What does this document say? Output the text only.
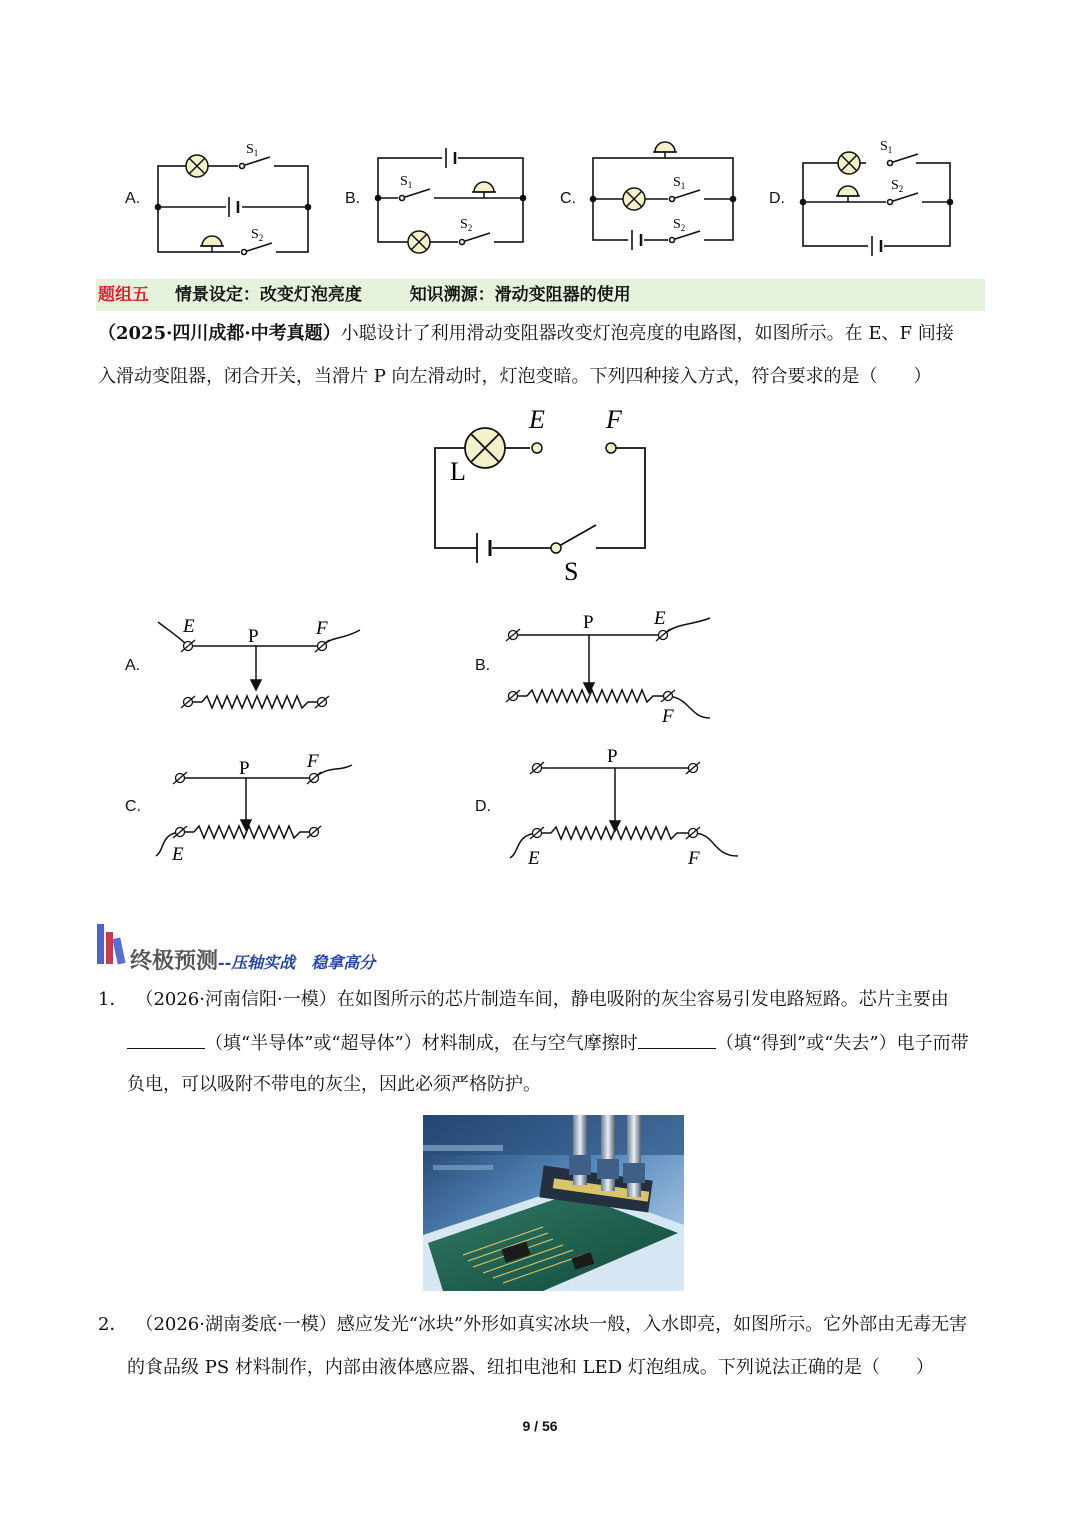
A.	B.	C.	D.
$S_1$
$S_2$
$S_1$
$S_2$
$S_1$
$S_2$
$S_1$
$S_2$
题组五 情景设定：改变灯泡亮度	知识溯源：滑动变阻器的使用
（2025·四川成都·中考真题）小聪设计了利用滑动变阻器改变灯泡亮度的电路图，如图所示。在 E、F 间接
入滑动变阻器，闭合开关，当滑片 P 向左滑动时，灯泡变暗。下列四种接入方式，符合要求的是（　　）
E F
L
S
A.	B.
C.	D.
E	P	F	P	E
F
P	F
E
P
E	F
终极预测--压轴实战　稳拿高分
1． （2026·河南信阳·一模）在如图所示的芯片制造车间，静电吸附的灰尘容易引发电路短路。芯片主要由
（填“半导体”或“超导体”）材料制成，在与空气摩擦时	（填“得到”或“失去”）电子而带
负电，可以吸附不带电的灰尘，因此必须严格防护。
2． （2026·湖南娄底·一模）感应发光“冰块”外形如真实冰块一般，入水即亮，如图所示。它外部由无毒无害
的食品级 PS 材料制作，内部由液体感应器、纽扣电池和 LED 灯泡组成。下列说法正确的是（　　）
9 / 56
